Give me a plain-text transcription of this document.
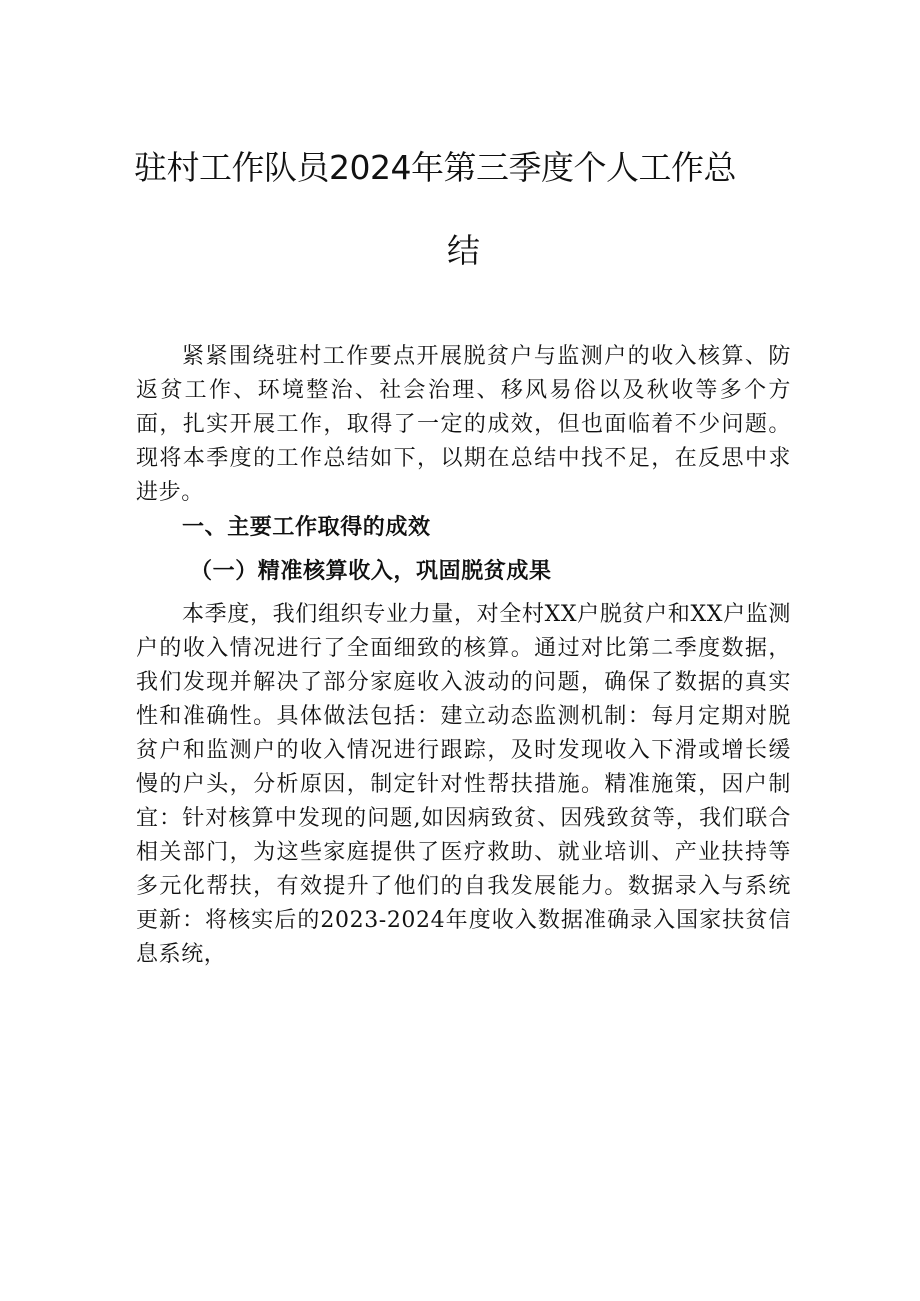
驻村工作队员2024年第三季度个人工作总
结

紧紧围绕驻村工作要点开展脱贫户与监测户的收入核算、防返贫工作、环境整治、社会治理、移风易俗以及秋收等多个方面，扎实开展工作，取得了一定的成效，但也面临着不少问题。现将本季度的工作总结如下，以期在总结中找不足，在反思中求进步。

一、主要工作取得的成效
（一）精准核算收入，巩固脱贫成果

本季度，我们组织专业力量，对全村XX户脱贫户和XX户监测户的收入情况进行了全面细致的核算。通过对比第二季度数据，我们发现并解决了部分家庭收入波动的问题，确保了数据的真实性和准确性。具体做法包括：建立动态监测机制：每月定期对脱贫户和监测户的收入情况进行跟踪，及时发现收入下滑或增长缓慢的户头，分析原因，制定针对性帮扶措施。精准施策，因户制宜：针对核算中发现的问题,如因病致贫、因残致贫等，我们联合相关部门，为这些家庭提供了医疗救助、就业培训、产业扶持等多元化帮扶，有效提升了他们的自我发展能力。数据录入与系统更新：将核实后的2023-2024年度收入数据准确录入国家扶贫信息系统，
